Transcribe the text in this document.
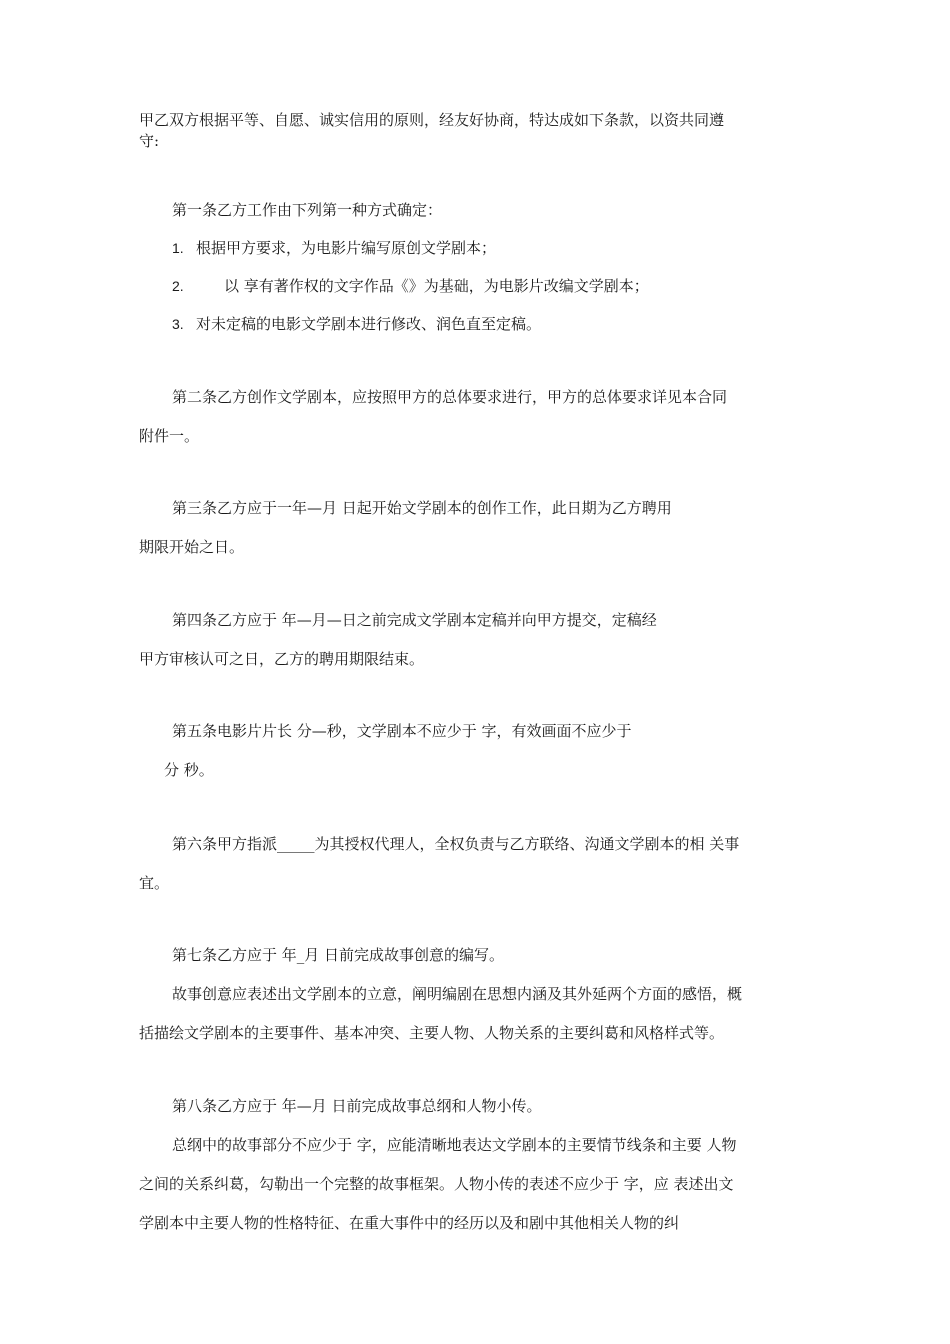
甲乙双方根据平等、自愿、诚实信用的原则，经友好协商，特达成如下条款，以资共同遵

守:

第一条乙方工作由下列第一种方式确定：

1. 根据甲方要求，为电影片编写原创文学剧本；

2.	以 享有著作权的文字作品《》为基础，为电影片改编文学剧本；

3. 对未定稿的电影文学剧本进行修改、润色直至定稿。

第二条乙方创作文学剧本，应按照甲方的总体要求进行，甲方的总体要求详见本合同

附件一。

第三条乙方应于一年—月 日起开始文学剧本的创作工作，此日期为乙方聘用

期限开始之日。

第四条乙方应于 年—月—日之前完成文学剧本定稿并向甲方提交，定稿经

甲方审核认可之日，乙方的聘用期限结束。

第五条电影片片长 分—秒，文学剧本不应少于 字，有效画面不应少于

分 秒。

第六条甲方指派_____为其授权代理人，全权负责与乙方联络、沟通文学剧本的相 关事

宜。

第七条乙方应于 年_月 日前完成故事创意的编写。

故事创意应表述出文学剧本的立意，阐明编剧在思想内涵及其外延两个方面的感悟，概

括描绘文学剧本的主要事件、基本冲突、主要人物、人物关系的主要纠葛和风格样式等。

第八条乙方应于 年—月 日前完成故事总纲和人物小传。

总纲中的故事部分不应少于 字，应能清晰地表达文学剧本的主要情节线条和主要 人物

之间的关系纠葛，勾勒出一个完整的故事框架。人物小传的表述不应少于 字，应 表述出文

学剧本中主要人物的性格特征、在重大事件中的经历以及和剧中其他相关人物的纠
